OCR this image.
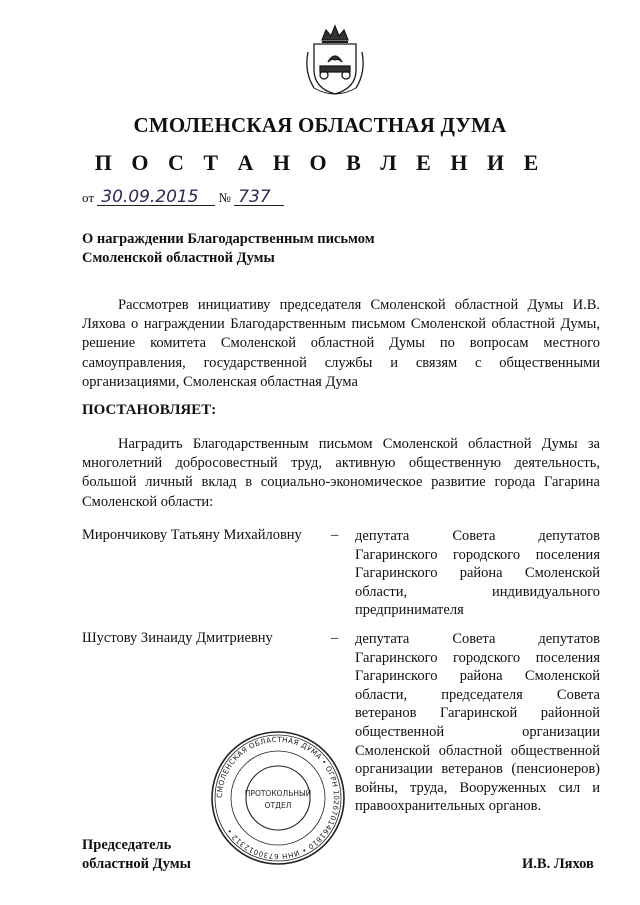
СМОЛЕНСКАЯ ОБЛАСТНАЯ ДУМА
П О С Т А Н О В Л Е Н И Е
от 30.09.2015 № 737
О награждении Благодарственным письмом
Смоленской областной Думы

Рассмотрев инициативу председателя Смоленской областной Думы И.В. Ляхова о награждении Благодарственным письмом Смоленской областной Думы, решение комитета Смоленской областной Думы по вопросам местного самоуправления, государственной службы и связям с общественными организациями, Смоленская областная Дума

ПОСТАНОВЛЯЕТ:

Наградить Благодарственным письмом Смоленской областной Думы за многолетний добросовестный труд, активную общественную деятельность, большой личный вклад в социально-экономическое развитие города Гагарина Смоленской области:

Мирончикову Татьяну Михайловну – депутата Совета депутатов
Гагаринского городского поселения
Гагаринского района Смоленской
области, индивидуального
предпринимателя
Шустову Зинаиду Дмитриевну	– депутата Совета депутатов
Гагаринского городского поселения
Гагаринского района Смоленской
области, председателя Совета
ветеранов Гагаринской районной
общественной организации
Смоленской областной общественной
организации ветеранов (пенсионеров)
войны, труда, Вооруженных сил и
правоохранительных органов.
СМОЛЕНСКАЯ ОБЛАСТНАЯ ДУМА • ОГРН 1026701461810 • ИНН 6730012312 •
ПРОТОКОЛЬНЫЙ
ОТДЕЛ
Председатель
областной Думы	И.В. Ляхов
